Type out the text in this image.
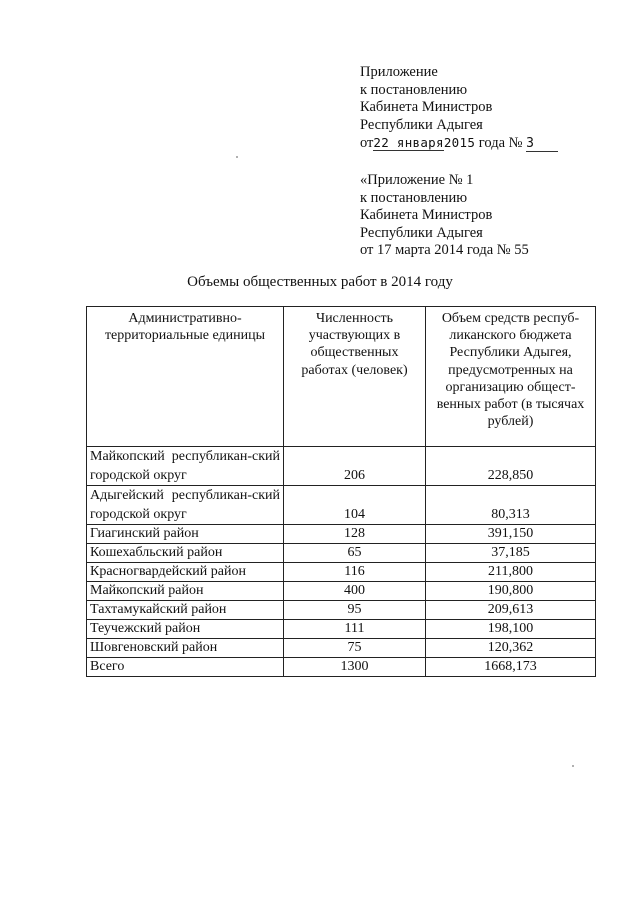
Приложение
к постановлению
Кабинета Министров
Республики Адыгея
от22 января2015 года № 3
«Приложение № 1
к постановлению
Кабинета Министров
Республики Адыгея
от 17 марта 2014 года № 55
Объемы общественных работ в 2014 году
Административно-территориальные единицы	Численность участвующих в общественных работах (человек)	Объем средств респуб-ликанского бюджета Республики Адыгея, предусмотренных на организацию общест-венных работ (в тысячах рублей)
Майкопский республикан-ский городской округ	206	228,850
Адыгейский республикан-ский городской округ	104	80,313
Гиагинский район	128	391,150
Кошехабльский район	65	37,185
Красногвардейский район	116	211,800
Майкопский район	400	190,800
Тахтамукайский район	95	209,613
Теучежский район	111	198,100
Шовгеновский район	75	120,362
Всего	1300	1668,173
